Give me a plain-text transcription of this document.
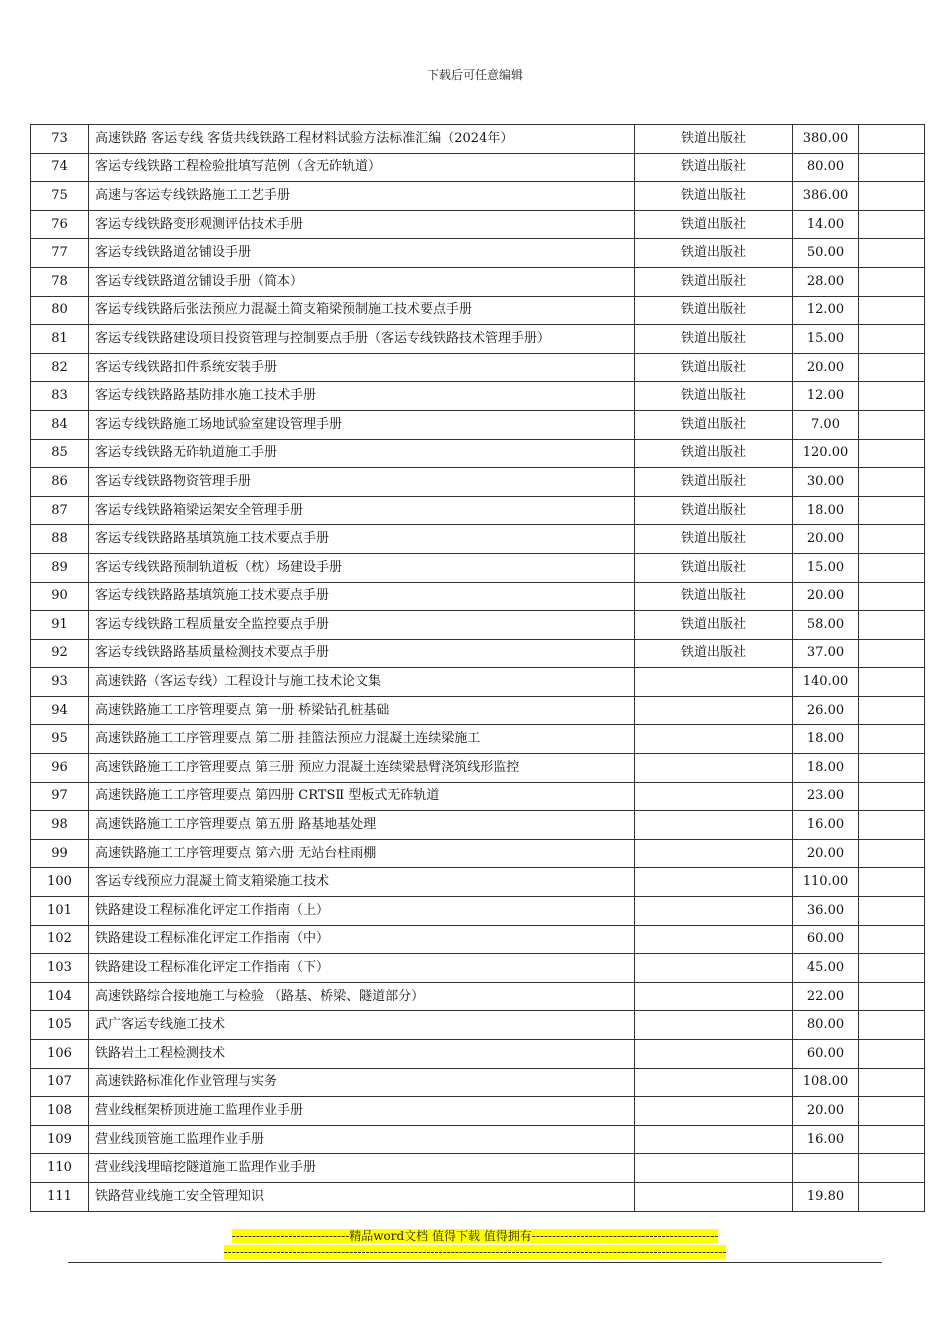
下载后可任意编辑
73	高速铁路 客运专线 客货共线铁路工程材料试验方法标准汇编（2024年）	铁道出版社	380.00	
74	客运专线铁路工程检验批填写范例（含无砟轨道）	铁道出版社	80.00	
75	高速与客运专线铁路施工工艺手册	铁道出版社	386.00	
76	客运专线铁路变形观测评估技术手册	铁道出版社	14.00	
77	客运专线铁路道岔铺设手册	铁道出版社	50.00	
78	客运专线铁路道岔铺设手册（简本）	铁道出版社	28.00	
80	客运专线铁路后张法预应力混凝土简支箱梁预制施工技术要点手册	铁道出版社	12.00	
81	客运专线铁路建设项目投资管理与控制要点手册（客运专线铁路技术管理手册）	铁道出版社	15.00	
82	客运专线铁路扣件系统安装手册	铁道出版社	20.00	
83	客运专线铁路路基防排水施工技术手册	铁道出版社	12.00	
84	客运专线铁路施工场地试验室建设管理手册	铁道出版社	7.00	
85	客运专线铁路无砟轨道施工手册	铁道出版社	120.00	
86	客运专线铁路物资管理手册	铁道出版社	30.00	
87	客运专线铁路箱梁运架安全管理手册	铁道出版社	18.00	
88	客运专线铁路路基填筑施工技术要点手册	铁道出版社	20.00	
89	客运专线铁路预制轨道板（枕）场建设手册	铁道出版社	15.00	
90	客运专线铁路路基填筑施工技术要点手册	铁道出版社	20.00	
91	客运专线铁路工程质量安全监控要点手册	铁道出版社	58.00	
92	客运专线铁路路基质量检测技术要点手册	铁道出版社	37.00	
93	高速铁路（客运专线）工程设计与施工技术论文集		140.00	
94	高速铁路施工工序管理要点 第一册 桥梁钻孔桩基础		26.00	
95	高速铁路施工工序管理要点 第二册 挂篮法预应力混凝土连续梁施工		18.00	
96	高速铁路施工工序管理要点 第三册 预应力混凝土连续梁悬臂浇筑线形监控		18.00	
97	高速铁路施工工序管理要点 第四册 CRTSⅡ 型板式无砟轨道		23.00	
98	高速铁路施工工序管理要点 第五册 路基地基处理		16.00	
99	高速铁路施工工序管理要点 第六册 无站台柱雨棚		20.00	
100	客运专线预应力混凝土简支箱梁施工技术		110.00	
101	铁路建设工程标准化评定工作指南（上）		36.00	
102	铁路建设工程标准化评定工作指南（中）		60.00	
103	铁路建设工程标准化评定工作指南（下）		45.00	
104	高速铁路综合接地施工与检验 （路基、桥梁、隧道部分）		22.00	
105	武广客运专线施工技术		80.00	
106	铁路岩土工程检测技术		60.00	
107	高速铁路标准化作业管理与实务		108.00	
108	营业线框架桥顶进施工监理作业手册		20.00	
109	营业线顶管施工监理作业手册		16.00	
110	营业线浅埋暗挖隧道施工监理作业手册			
111	铁路营业线施工安全管理知识		19.80	
-----------------------------精品word文档 值得下载 值得拥有----------------------------------------------
----------------------------------------------------------------------------------------------------------------------------
